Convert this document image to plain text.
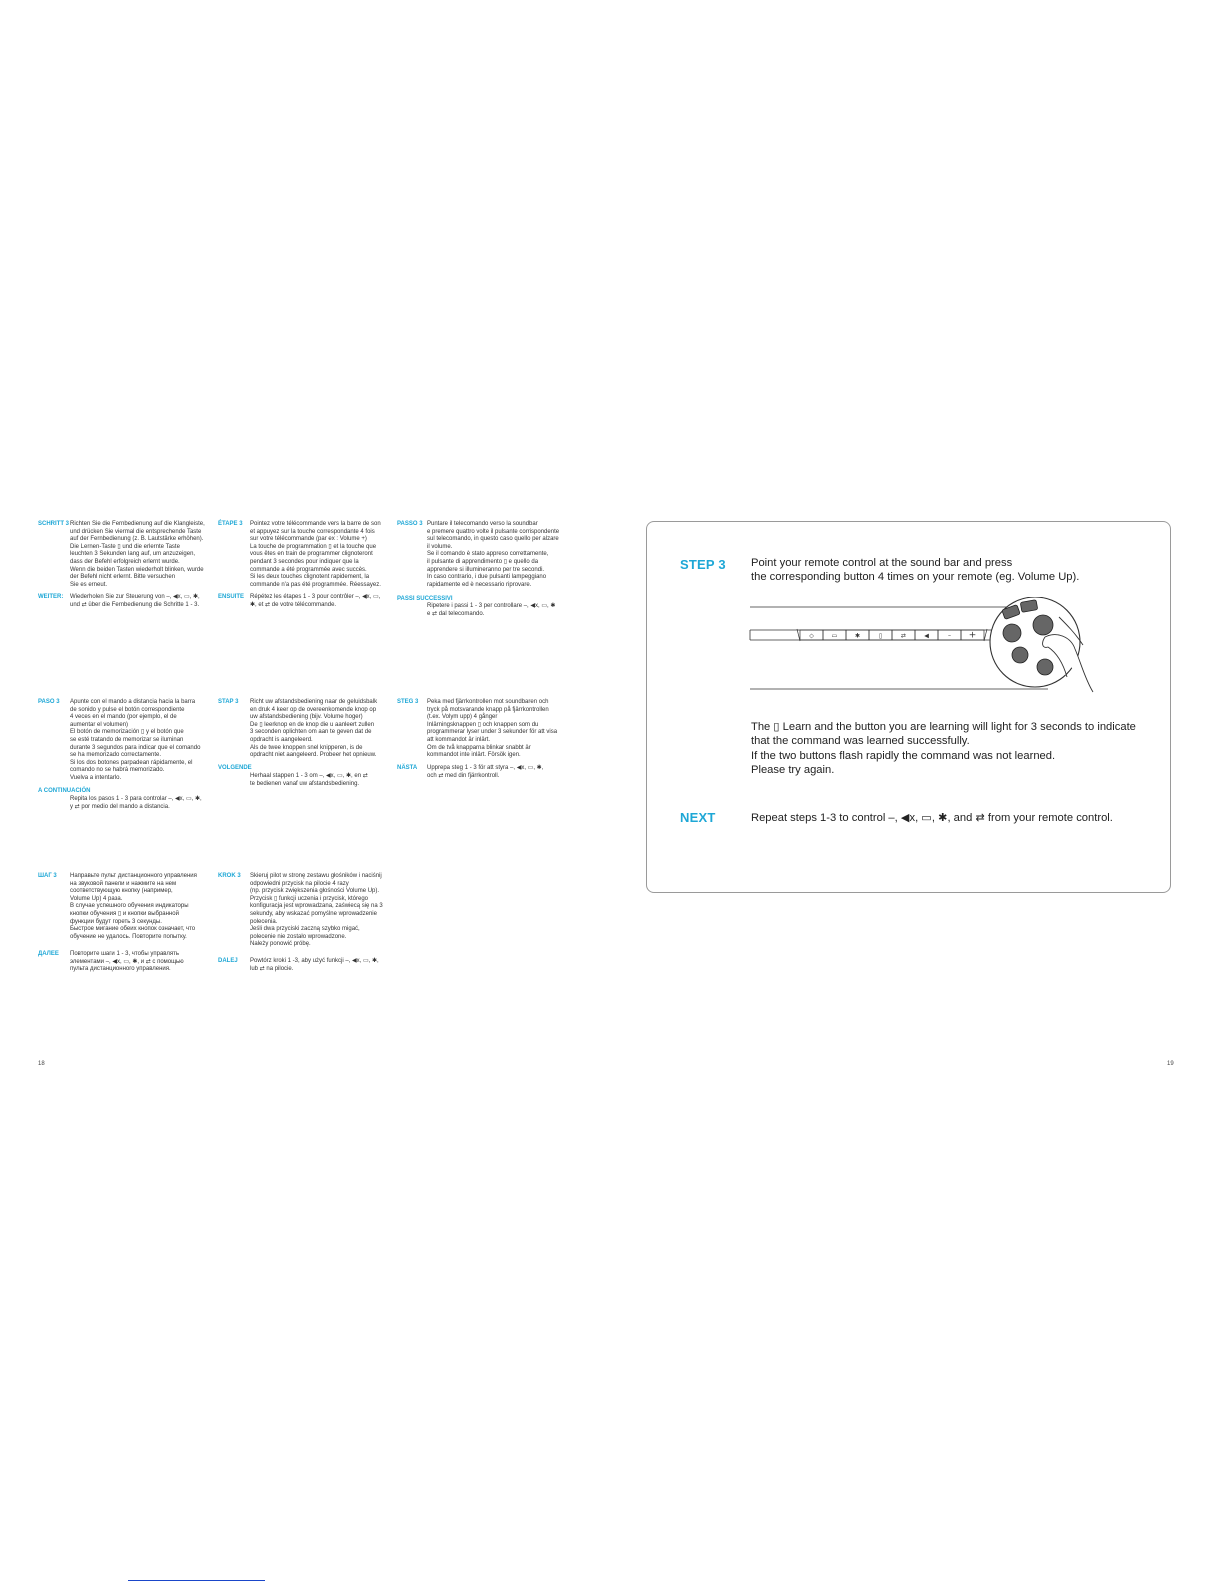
SCHRITT 3 Richten Sie die Fernbedienung auf die Klangleiste,
und drücken Sie viermal die entsprechende Taste
auf der Fernbedienung (z. B. Lautstärke erhöhen).
Die Lernen-Taste ▯ und die erlernte Taste
leuchten 3 Sekunden lang auf, um anzuzeigen,
dass der Befehl erfolgreich erlernt wurde.
Wenn die beiden Tasten wiederholt blinken, wurde
der Befehl nicht erlernt. Bitte versuchen
Sie es erneut.
WEITER: Wiederholen Sie zur Steuerung von –, ◀x, ▭, ✱,
und ⇄ über die Fernbedienung die Schritte 1 - 3.
ÉTAPE 3 Pointez votre télécommande vers la barre de son
et appuyez sur la touche correspondante 4 fois
sur votre télécommande (par ex : Volume +)
La touche de programmation ▯ et la touche que
vous êtes en train de programmer clignoteront
pendant 3 secondes pour indiquer que la
commande a été programmée avec succès.
Si les deux touches clignotent rapidement, la
commande n'a pas été programmée. Réessayez.
ENSUITE Répétez les étapes 1 - 3 pour contrôler –, ◀x, ▭,
✱, et ⇄ de votre télécommande.
PASSO 3 Puntare il telecomando verso la soundbar
e premere quattro volte il pulsante corrispondente
sul telecomando, in questo caso quello per alzare
il volume.
Se il comando è stato appreso correttamente,
il pulsante di apprendimento ▯ e quello da
apprendere si illumineranno per tre secondi.
In caso contrario, i due pulsanti lampeggiano
rapidamente ed è necessario riprovare.
PASSI SUCCESSIVI
Ripetere i passi 1 - 3 per controllare –, ◀x, ▭, ✱
e ⇄ dal telecomando.
PASO 3 Apunte con el mando a distancia hacia la barra
de sonido y pulse el botón correspondiente
4 veces en el mando (por ejemplo, el de
aumentar el volumen)
El botón de memorización ▯ y el botón que
se esté tratando de memorizar se iluminan
durante 3 segundos para indicar que el comando
se ha memorizado correctamente.
Si los dos botones parpadean rápidamente, el
comando no se habrá memorizado.
Vuelva a intentarlo.
A CONTINUACIÓN
Repita los pasos 1 - 3 para controlar –, ◀x, ▭, ✱,
y ⇄ por medio del mando a distancia.
STAP 3 Richt uw afstandsbediening naar de geluidsbalk
en druk 4 keer op de overeenkomende knop op
uw afstandsbediening (bijv. Volume hoger)
De ▯ leerknop en de knop die u aanleert zullen
3 seconden oplichten om aan te geven dat de
opdracht is aangeleerd.
Als de twee knoppen snel knipperen, is de
opdracht niet aangeleerd. Probeer het opnieuw.
VOLGENDE
Herhaal stappen 1 - 3 om –, ◀x, ▭, ✱, en ⇄
te bedienen vanaf uw afstandsbediening.
STEG 3 Peka med fjärrkontrollen mot soundbaren och
tryck på motsvarande knapp på fjärrkontrollen
(t.ex. Volym upp) 4 gånger
Inlärningsknappen ▯ och knappen som du
programmerar lyser under 3 sekunder för att visa
att kommandot är inlärt.
Om de två knapparna blinkar snabbt är
kommandot inte inlärt. Försök igen.
NÄSTA Upprepa steg 1 - 3 för att styra –, ◀x, ▭, ✱,
och ⇄ med din fjärrkontroll.
ШАГ 3 Направьте пульт дистанционного управления
на звуковой панели и нажмите на нем
соответствующую кнопку (например,
Volume Up) 4 раза.
В случае успешного обучения индикаторы
кнопки обучения ▯ и кнопки выбранной
функции будут гореть 3 секунды.
Быстрое мигание обеих кнопок означает, что
обучение не удалось. Повторите попытку.
ДАЛЕЕ Повторите шаги 1 - 3, чтобы управлять
элементами –, ◀x, ▭, ✱, и ⇄ с помощью
пульта дистанционного управления.
KROK 3 Skieruj pilot w stronę zestawu głośników i naciśnij
odpowiedni przycisk na pilocie 4 razy
(np. przycisk zwiększenia głośności Volume Up).
Przycisk ▯ funkcji uczenia i przycisk, którego
konfiguracja jest wprowadzana, zaświecą się na 3
sekundy, aby wskazać pomyślne wprowadzenie
polecenia.
Jeśli dwa przyciski zaczną szybko migać,
polecenie nie zostało wprowadzone.
Należy ponowić próbę.
DALEJ Powtórz kroki 1 -3, aby użyć funkcji –, ◀x, ▭, ✱,
lub ⇄ na pilocie.
18
STEP 3 Point your remote control at the sound bar and press
the corresponding button 4 times on your remote (eg. Volume Up).
◇	▭	✱	▯	⇄	◀	– +
The ▯ Learn and the button you are learning will light for 3 seconds to indicate
that the command was learned successfully.
If the two buttons flash rapidly the command was not learned.
Please try again.
NEXT	Repeat steps 1-3 to control –, ◀x, ▭, ✱, and ⇄ from your remote control.
19
